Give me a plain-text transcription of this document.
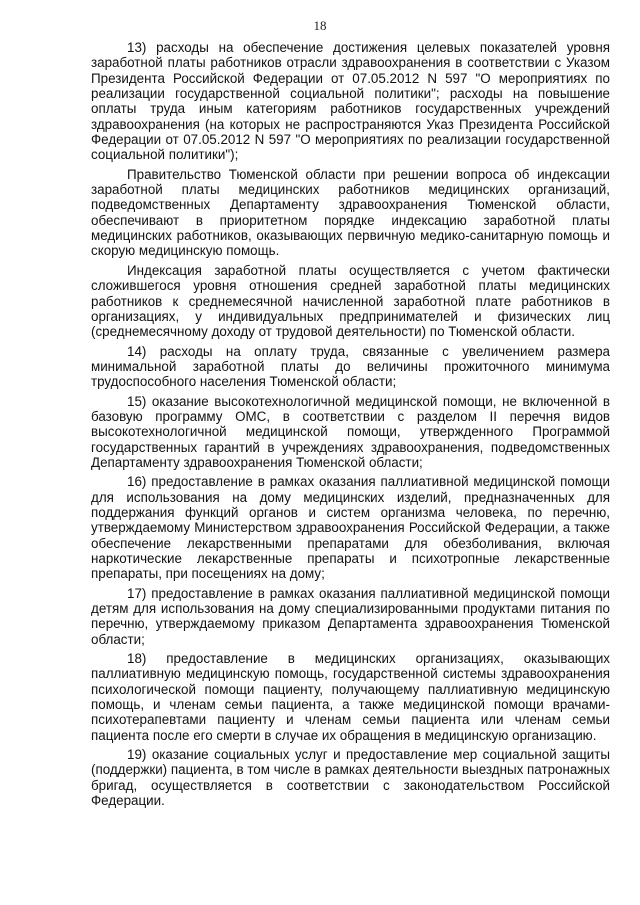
18

13) расходы на обеспечение достижения целевых показателей уровня заработной платы работников отрасли здравоохранения в соответствии с Указом Президента Российской Федерации от 07.05.2012 N 597 "О мероприятиях по реализации государственной социальной политики"; расходы на повышение оплаты труда иным категориям работников государственных учреждений здравоохранения (на которых не распространяются Указ Президента Российской Федерации от 07.05.2012 N 597 "О мероприятиях по реализации государственной социальной политики");

Правительство Тюменской области при решении вопроса об индексации заработной платы медицинских работников медицинских организаций, подведомственных Департаменту здравоохранения Тюменской области, обеспечивают в приоритетном порядке индексацию заработной платы медицинских работников, оказывающих первичную медико-санитарную помощь и скорую медицинскую помощь.

Индексация заработной платы осуществляется с учетом фактически сложившегося уровня отношения средней заработной платы медицинских работников к среднемесячной начисленной заработной плате работников в организациях, у индивидуальных предпринимателей и физических лиц (среднемесячному доходу от трудовой деятельности) по Тюменской области.

14) расходы на оплату труда, связанные с увеличением размера минимальной заработной платы до величины прожиточного минимума трудоспособного населения Тюменской области;

15) оказание высокотехнологичной медицинской помощи, не включенной в базовую программу ОМС, в соответствии с разделом II перечня видов высокотехнологичной медицинской помощи, утвержденного Программой государственных гарантий в учреждениях здравоохранения, подведомственных Департаменту здравоохранения Тюменской области;

16) предоставление в рамках оказания паллиативной медицинской помощи для использования на дому медицинских изделий, предназначенных для поддержания функций органов и систем организма человека, по перечню, утверждаемому Министерством здравоохранения Российской Федерации, а также обеспечение лекарственными препаратами для обезболивания, включая наркотические лекарственные препараты и психотропные лекарственные препараты, при посещениях на дому;

17) предоставление в рамках оказания паллиативной медицинской помощи детям для использования на дому специализированными продуктами питания по перечню, утверждаемому приказом Департамента здравоохранения Тюменской области;

18) предоставление в медицинских организациях, оказывающих паллиативную медицинскую помощь, государственной системы здравоохранения психологической помощи пациенту, получающему паллиативную медицинскую помощь, и членам семьи пациента, а также медицинской помощи врачами-психотерапевтами пациенту и членам семьи пациента или членам семьи пациента после его смерти в случае их обращения в медицинскую организацию.

19) оказание социальных услуг и предоставление мер социальной защиты (поддержки) пациента, в том числе в рамках деятельности выездных патронажных бригад, осуществляется в соответствии с законодательством Российской Федерации.
